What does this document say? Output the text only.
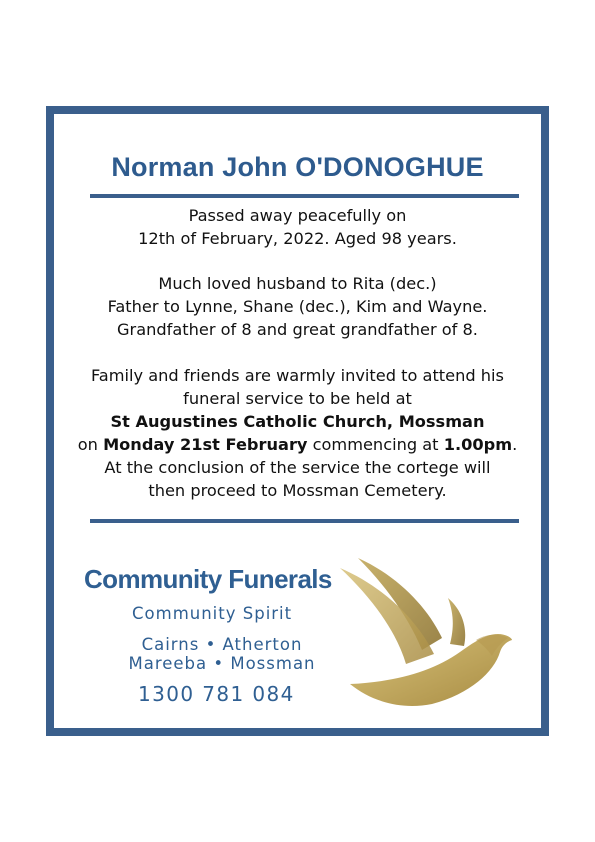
Norman John O'DONOGHUE
Passed away peacefully on
12th of February, 2022. Aged 98 years.
Much loved husband to Rita (dec.)
Father to Lynne, Shane (dec.), Kim and Wayne.
Grandfather of 8 and great grandfather of 8.
Family and friends are warmly invited to attend his
funeral service to be held at
St Augustines Catholic Church, Mossman
on Monday 21st February commencing at 1.00pm.
At the conclusion of the service the cortege will
then proceed to Mossman Cemetery.
Community Funerals
Community Spirit
Cairns • Atherton
Mareeba • Mossman
1300 781 084
